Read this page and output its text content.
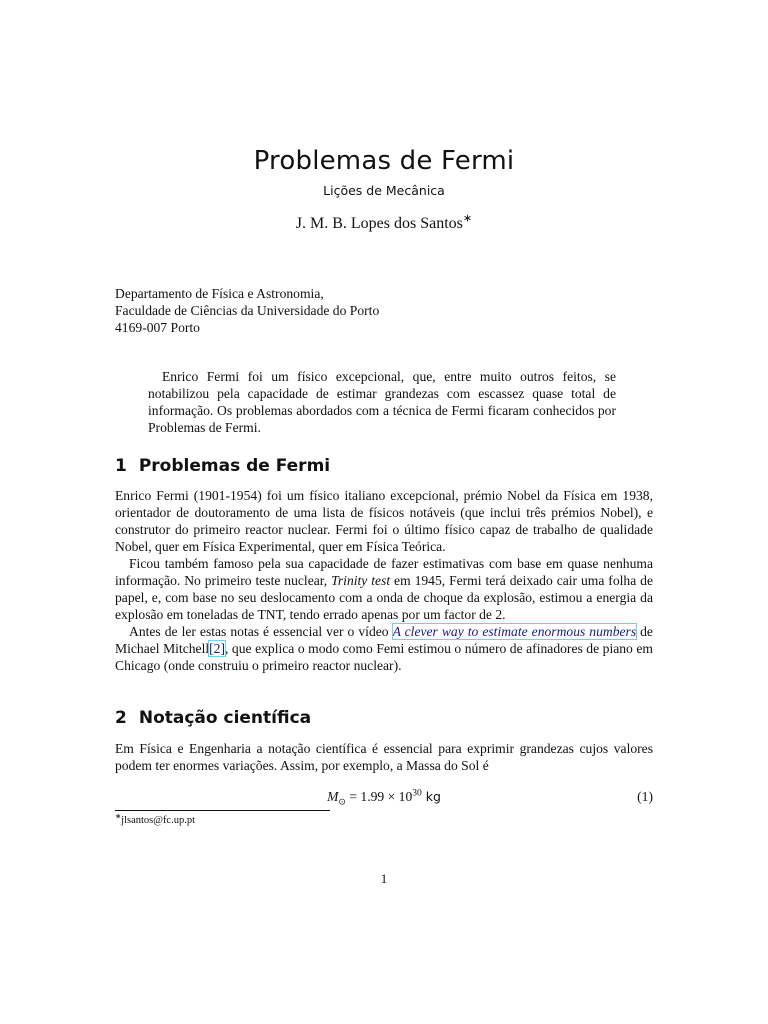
Problemas de Fermi
Lições de Mecânica
J. M. B. Lopes dos Santos∗
Departamento de Física e Astronomia,
Faculdade de Ciências da Universidade do Porto
4169-007 Porto

Enrico Fermi foi um físico excepcional, que, entre muito outros feitos, se notabilizou pela capacidade de estimar grandezas com escassez quase total de informação. Os problemas abordados com a técnica de Fermi ficaram conhecidos por Problemas de Fermi.

1 Problemas de Fermi

Enrico Fermi (1901-1954) foi um físico italiano excepcional, prémio Nobel da Física em 1938, orientador de doutoramento de uma lista de físicos notáveis (que inclui três prémios Nobel), e construtor do primeiro reactor nuclear. Fermi foi o último físico capaz de trabalho de qualidade Nobel, quer em Física Experimental, quer em Física Teórica.

Ficou também famoso pela sua capacidade de fazer estimativas com base em quase nenhuma informação. No primeiro teste nuclear, Trinity test em 1945, Fermi terá deixado cair uma folha de papel, e, com base no seu deslocamento com a onda de choque da explosão, estimou a energia da explosão em toneladas de TNT, tendo errado apenas por um factor de 2.

Antes de ler estas notas é essencial ver o vídeo A clever way to estimate enormous numbers de Michael Mitchell[2], que explica o modo como Femi estimou o número de afinadores de piano em Chicago (onde construiu o primeiro reactor nuclear).

2 Notação científica

Em Física e Engenharia a notação científica é essencial para exprimir grandezas cujos valores podem ter enormes variações. Assim, por exemplo, a Massa do Sol é

$M_⊙ = 1.99 \times 10^{30}$ kg	(1)
∗jlsantos@fc.up.pt
1
